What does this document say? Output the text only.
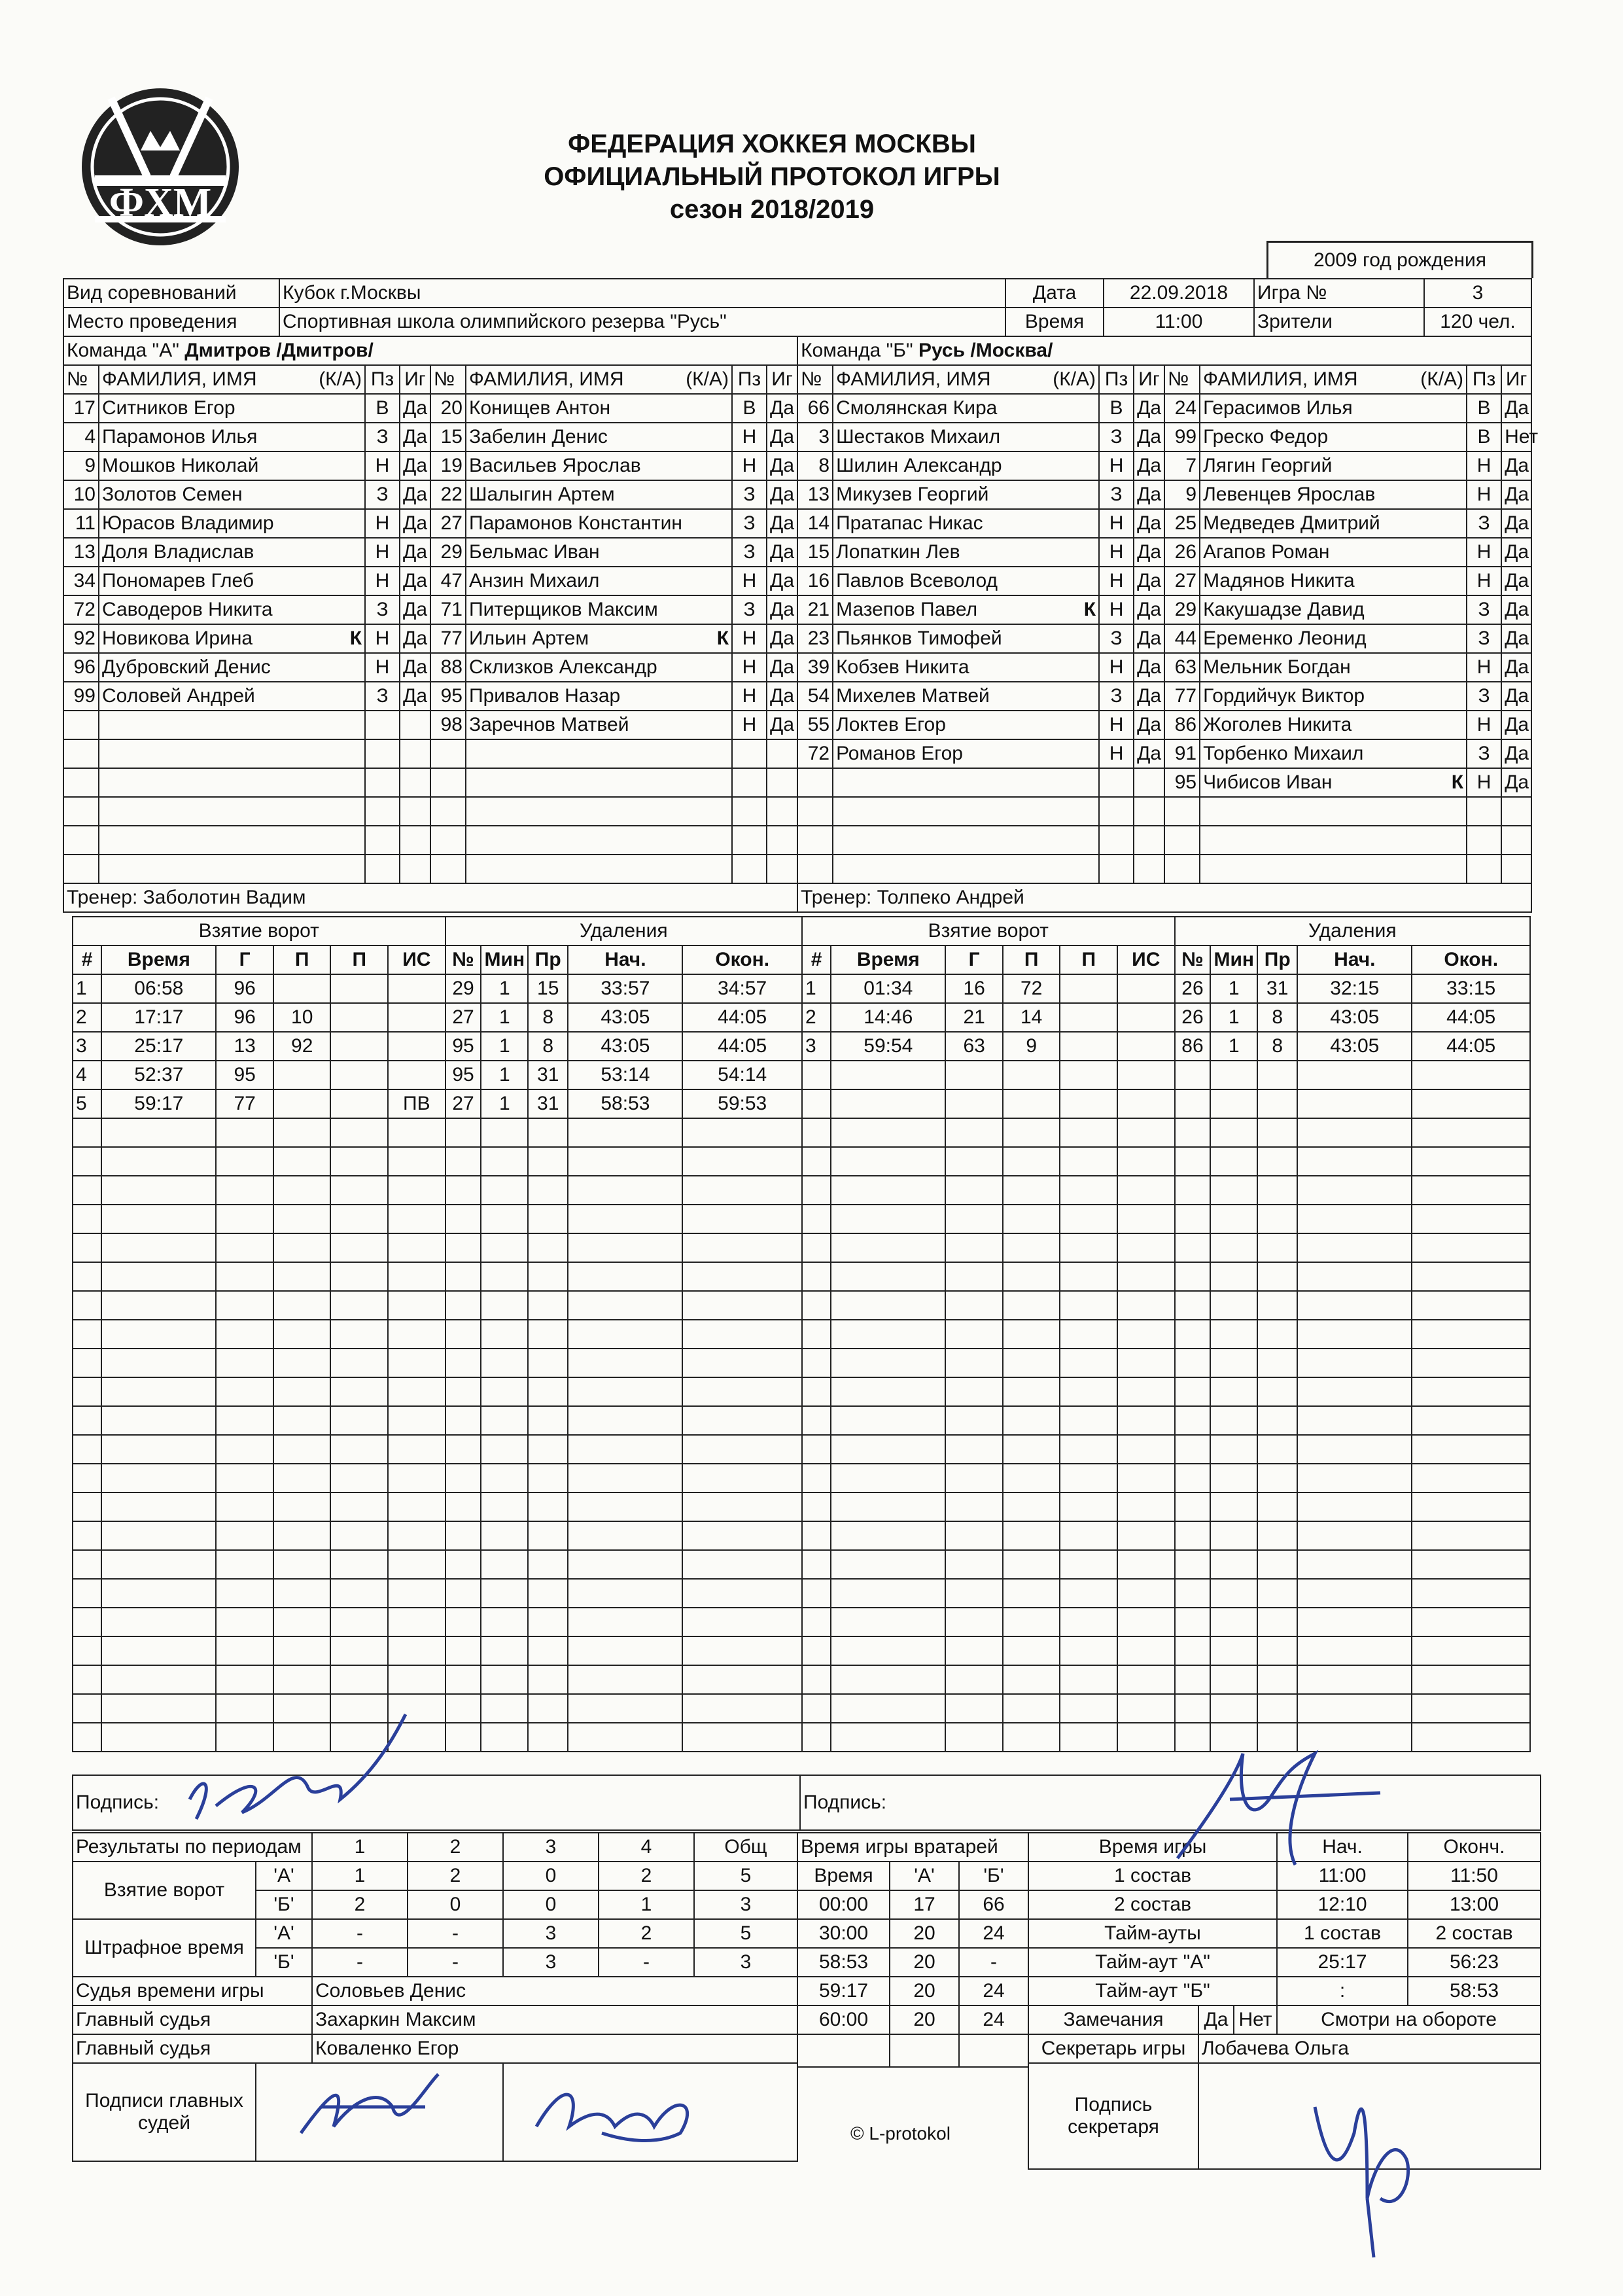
ФХМ
ФЕДЕРАЦИЯ ХОККЕЯ МОСКВЫ
ОФИЦИАЛЬНЫЙ ПРОТОКОЛ ИГРЫ
сезон 2018/2019
2009 год рождения
Вид соревнований	Кубок г.Москвы	Дата	22.09.2018	Игра №	3
Место проведения	Спортивная школа олимпийского резерва "Русь"	Время	11:00	Зрители	120 чел.
Команда "А" Дмитров /Дмитров/								Команда "Б" Русь /Москва/							
№	ФАМИЛИЯ, ИМЯ (К/А)	Пз	Иг	№	ФАМИЛИЯ, ИМЯ (К/А)	Пз	Иг	№	ФАМИЛИЯ, ИМЯ (К/А)	Пз	Иг	№	ФАМИЛИЯ, ИМЯ (К/А)	Пз	Иг
17	Ситников Егор	В	Да	20	Конищев Антон	В	Да	66	Смолянская Кира	В	Да	24	Герасимов Илья	В	Да
4	Парамонов Илья	З	Да	15	Забелин Денис	Н	Да	3	Шестаков Михаил	З	Да	99	Греско Федор	В	Нет
9	Мошков Николай	Н	Да	19	Васильев Ярослав	Н	Да	8	Шилин Александр	Н	Да	7	Лягин Георгий	Н	Да
10	Золотов Семен	З	Да	22	Шалыгин Артем	З	Да	13	Микузев Георгий	З	Да	9	Левенцев Ярослав	Н	Да
11	Юрасов Владимир	Н	Да	27	Парамонов Константин	З	Да	14	Пратапас Никас	Н	Да	25	Медведев Дмитрий	З	Да
13	Доля Владислав	Н	Да	29	Бельмас Иван	З	Да	15	Лопаткин Лев	Н	Да	26	Агапов Роман	Н	Да
34	Пономарев Глеб	Н	Да	47	Анзин Михаил	Н	Да	16	Павлов Всеволод	Н	Да	27	Мадянов Никита	Н	Да
72	Саводеров Никита	З	Да	71	Питерщиков Максим	З	Да	21	Мазепов Павел К	Н	Да	29	Какушадзе Давид	З	Да
92	Новикова Ирина К	Н	Да	77	Ильин Артем К	Н	Да	23	Пьянков Тимофей	З	Да	44	Еременко Леонид	З	Да
96	Дубровский Денис	Н	Да	88	Склизков Александр	Н	Да	39	Кобзев Никита	Н	Да	63	Мельник Богдан	Н	Да
99	Соловей Андрей	З	Да	95	Привалов Назар	Н	Да	54	Михелев Матвей	З	Да	77	Гордийчук Виктор	З	Да
				98	Заречнов Матвей	Н	Да	55	Локтев Егор	Н	Да	86	Жоголев Никита	Н	Да
								72	Романов Егор	Н	Да	91	Торбенко Михаил	З	Да
												95	Чибисов Иван К	Н	Да

Тренер: Заболотин Вадим								Тренер: Толпеко Андрей							
Взятие ворот						Удаления					Взятие ворот						Удаления				
#	Время	Г	П	П	ИС	№	Мин	Пр	Нач.	Окон.	#	Время	Г	П	П	ИС	№	Мин	Пр	Нач.	Окон.
1	06:58	96				29	1	15	33:57	34:57	1	01:34	16	72			26	1	31	32:15	33:15
2	17:17	96	10			27	1	8	43:05	44:05	2	14:46	21	14			26	1	8	43:05	44:05
3	25:17	13	92			95	1	8	43:05	44:05	3	59:54	63	9			86	1	8	43:05	44:05
4	52:37	95				95	1	31	53:14	54:14											
5	59:17	77			ПВ	27	1	31	58:53	59:53											

Подпись:	Подпись:
Результаты по периодам		1	2	3	4	Общ
Взятие ворот	'А'	1	2	0	2	5
	'Б'	2	0	0	1	3
Штрафное время	'А'	-	-	3	2	5
	'Б'	-	-	3	-	3
Судья времени игры		Соловьев Денис				
Главный судья		Захаркин Максим				
Главный судья		Коваленко Егор				
Подписи главных судей						
Время игры вратарей		
Время	'А'	'Б'
00:00	17	66
30:00	20	24
58:53	20	-
59:17	20	24
60:00	20	24

© L-protokol
Время игры			Нач.	Оконч.
1 состав			11:00	11:50
2 состав			12:10	13:00
Тайм-ауты			1 состав	2 состав
Тайм-аут "А"			25:17	56:23
Тайм-аут "Б"			:	58:53
Замечания	Да	Нет	Смотри на обороте	
Секретарь игры	Лобачева Ольга			
Подпись секретаря				
